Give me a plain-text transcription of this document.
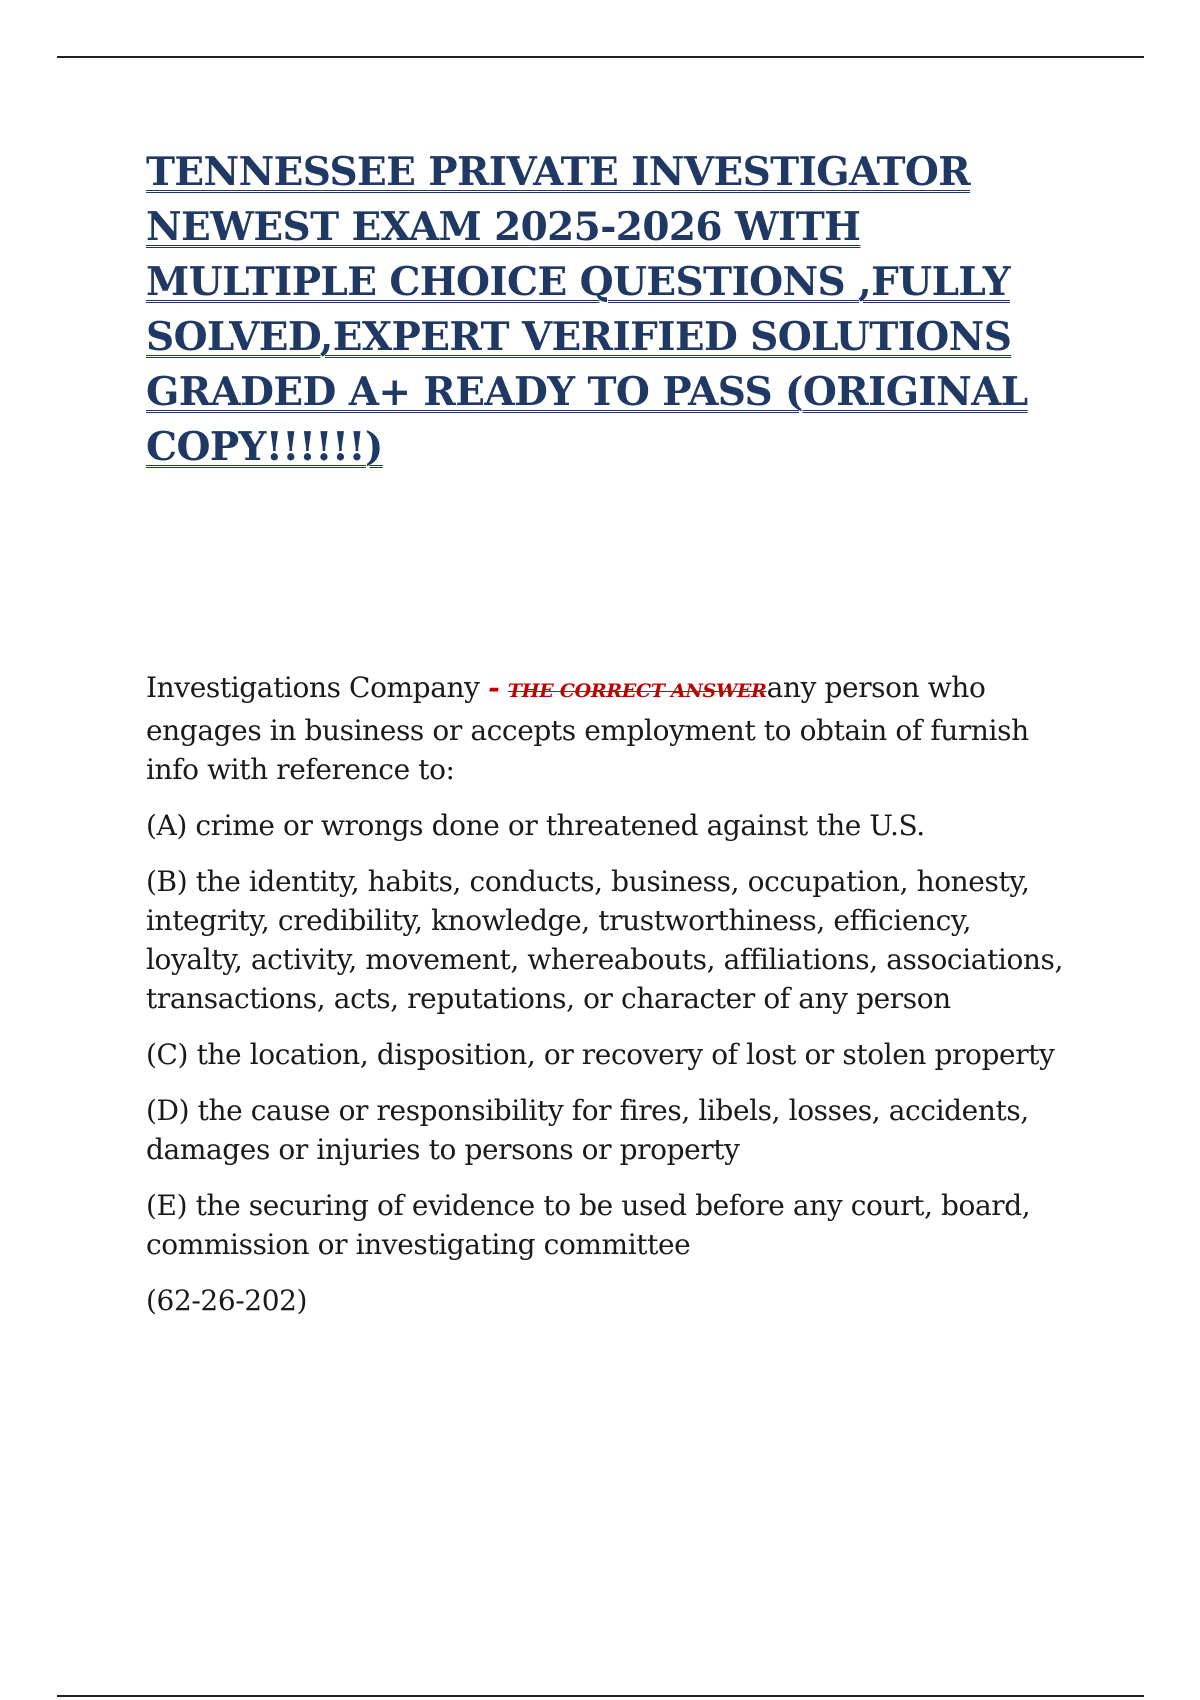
TENNESSEE PRIVATE INVESTIGATOR NEWEST EXAM 2025-2026 WITH MULTIPLE CHOICE QUESTIONS ,FULLY SOLVED,EXPERT VERIFIED SOLUTIONS GRADED A+ READY TO PASS (ORIGINAL COPY!!!!!!)

Investigations Company - THE CORRECT ANSWERany person who engages in business or accepts employment to obtain of furnish info with reference to:

(A) crime or wrongs done or threatened against the U.S.

(B) the identity, habits, conducts, business, occupation, honesty, integrity, credibility, knowledge, trustworthiness, efficiency, loyalty, activity, movement, whereabouts, affiliations, associations, transactions, acts, reputations, or character of any person

(C) the location, disposition, or recovery of lost or stolen property

(D) the cause or responsibility for fires, libels, losses, accidents, damages or injuries to persons or property

(E) the securing of evidence to be used before any court, board, commission or investigating committee

(62-26-202)
